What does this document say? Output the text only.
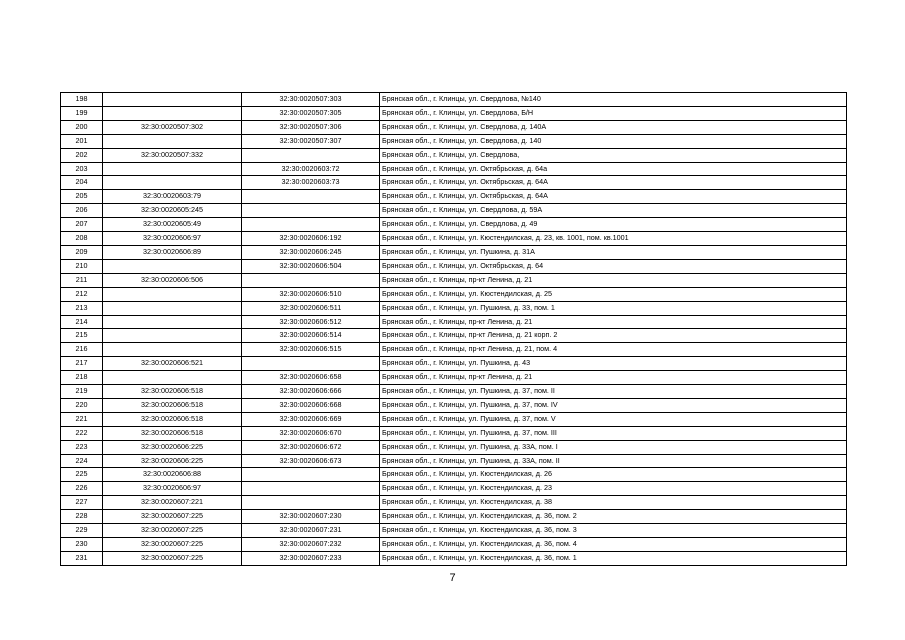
198		32:30:0020507:303	Брянская обл., г. Клинцы, ул. Свердлова, №140
199		32:30:0020507:305	Брянская обл., г. Клинцы, ул. Свердлова, Б/Н
200	32:30:0020507:302	32:30:0020507:306	Брянская обл., г. Клинцы, ул. Свердлова, д. 140А
201		32:30:0020507:307	Брянская обл., г. Клинцы, ул. Свердлова, д. 140
202	32:30:0020507:332		Брянская обл., г. Клинцы, ул. Свердлова,
203		32:30:0020603:72	Брянская обл., г. Клинцы, ул. Октябрьская, д. 64а
204		32:30:0020603:73	Брянская обл., г. Клинцы, ул. Октябрьская, д. 64А
205	32:30:0020603:79		Брянская обл., г. Клинцы, ул. Октябрьская, д. 64А
206	32:30:0020605:245		Брянская обл., г. Клинцы, ул. Свердлова, д. 59А
207	32:30:0020605:49		Брянская обл., г. Клинцы, ул. Свердлова, д. 49
208	32:30:0020606:97	32:30:0020606:192	Брянская обл., г. Клинцы, ул. Кюстендилская, д. 23, кв. 1001, пом. кв.1001
209	32:30:0020606:89	32:30:0020606:245	Брянская обл., г. Клинцы, ул. Пушкина, д. 31А
210		32:30:0020606:504	Брянская обл., г. Клинцы, ул. Октябрьская, д. 64
211	32:30:0020606:506		Брянская обл., г. Клинцы, пр-кт Ленина, д. 21
212		32:30:0020606:510	Брянская обл., г. Клинцы, ул. Кюстендилская, д. 25
213		32:30:0020606:511	Брянская обл., г. Клинцы, ул. Пушкина, д. 33, пом. 1
214		32:30:0020606:512	Брянская обл., г. Клинцы, пр-кт Ленина, д. 21
215		32:30:0020606:514	Брянская обл., г. Клинцы, пр-кт Ленина, д. 21 корп. 2
216		32:30:0020606:515	Брянская обл., г. Клинцы, пр-кт Ленина, д. 21, пом. 4
217	32:30:0020606:521		Брянская обл., г. Клинцы, ул. Пушкина, д. 43
218		32:30:0020606:658	Брянская обл., г. Клинцы, пр-кт Ленина, д. 21
219	32:30:0020606:518	32:30:0020606:666	Брянская обл., г. Клинцы, ул. Пушкина, д. 37, пом. II
220	32:30:0020606:518	32:30:0020606:668	Брянская обл., г. Клинцы, ул. Пушкина, д. 37, пом. IV
221	32:30:0020606:518	32:30:0020606:669	Брянская обл., г. Клинцы, ул. Пушкина, д. 37, пом. V
222	32:30:0020606:518	32:30:0020606:670	Брянская обл., г. Клинцы, ул. Пушкина, д. 37, пом. III
223	32:30:0020606:225	32:30:0020606:672	Брянская обл., г. Клинцы, ул. Пушкина, д. 33А, пом. I
224	32:30:0020606:225	32:30:0020606:673	Брянская обл., г. Клинцы, ул. Пушкина, д. 33А, пом. II
225	32:30:0020606:88		Брянская обл., г. Клинцы, ул. Кюстендилская, д. 26
226	32:30:0020606:97		Брянская обл., г. Клинцы, ул. Кюстендилская, д. 23
227	32:30:0020607:221		Брянская обл., г. Клинцы, ул. Кюстендилская, д. 38
228	32:30:0020607:225	32:30:0020607:230	Брянская обл., г. Клинцы, ул. Кюстендилская, д. 36, пом. 2
229	32:30:0020607:225	32:30:0020607:231	Брянская обл., г. Клинцы, ул. Кюстендилская, д. 36, пом. 3
230	32:30:0020607:225	32:30:0020607:232	Брянская обл., г. Клинцы, ул. Кюстендилская, д. 36, пом. 4
231	32:30:0020607:225	32:30:0020607:233	Брянская обл., г. Клинцы, ул. Кюстендилская, д. 36, пом. 1
7
